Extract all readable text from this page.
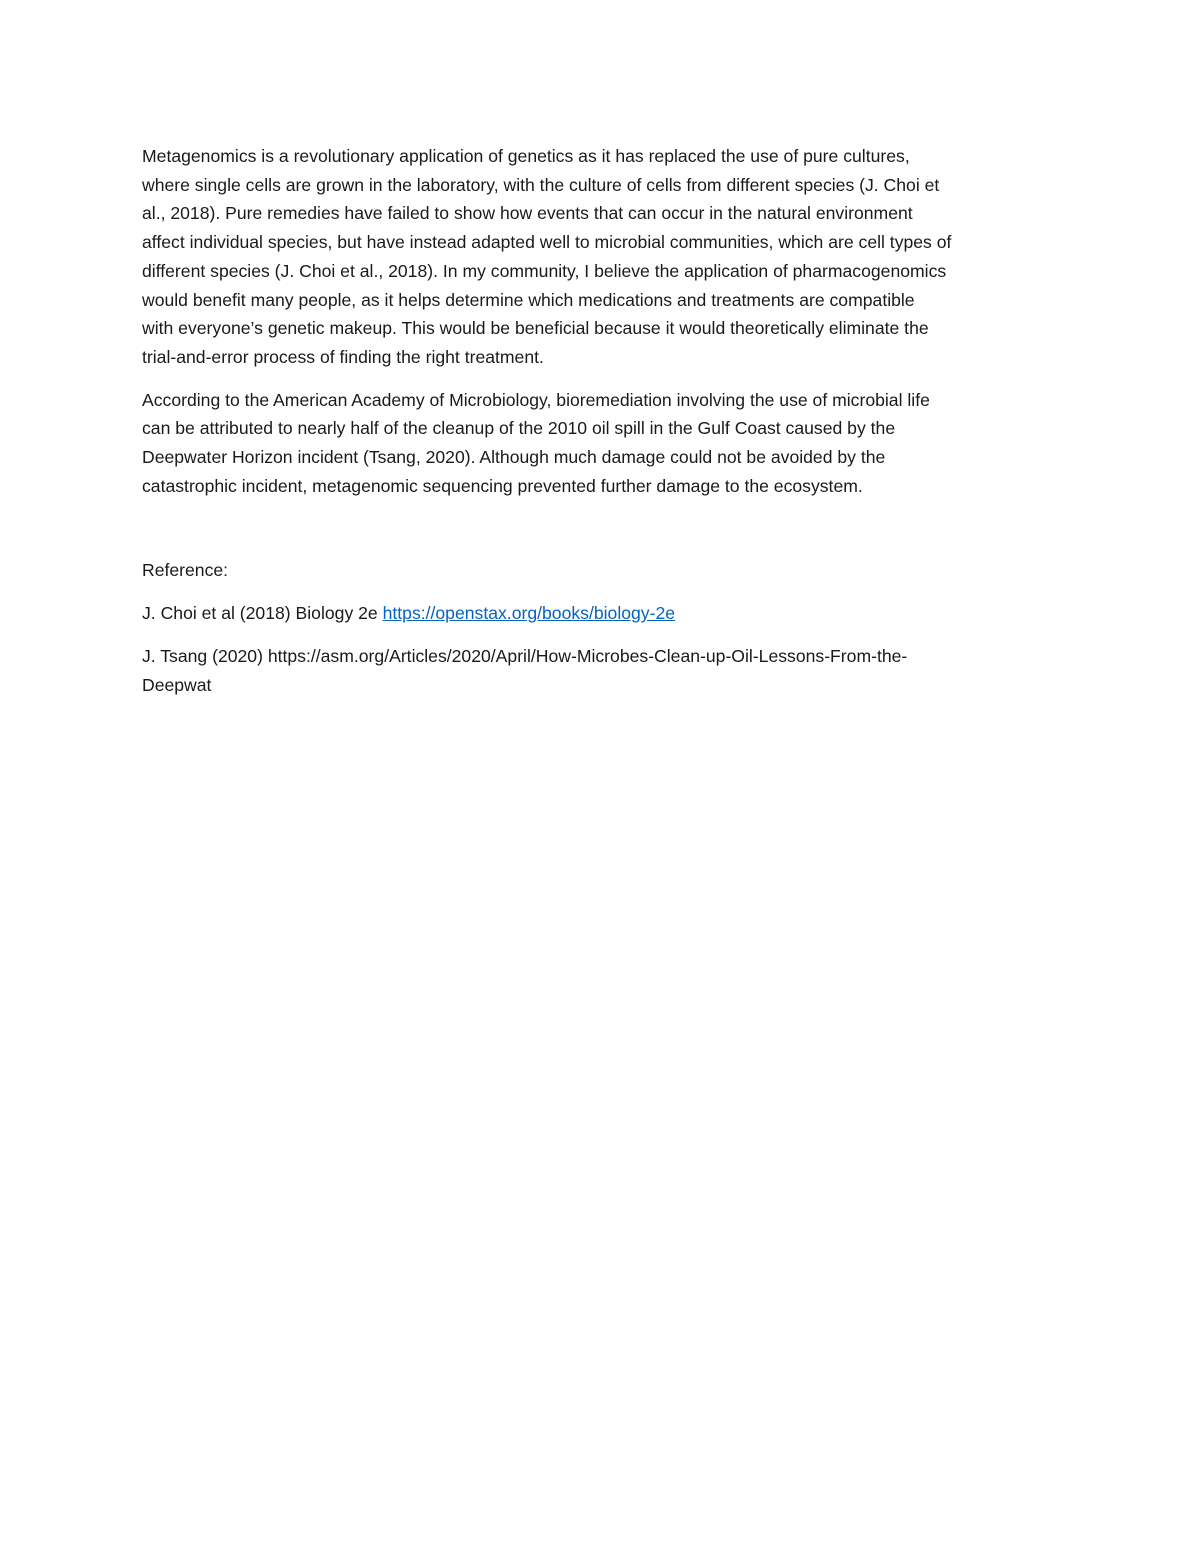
Metagenomics is a revolutionary application of genetics as it has replaced the use of pure cultures,
where single cells are grown in the laboratory, with the culture of cells from different species (J. Choi et
al., 2018). Pure remedies have failed to show how events that can occur in the natural environment
affect individual species, but have instead adapted well to microbial communities, which are cell types of
different species (J. Choi et al., 2018). In my community, I believe the application of pharmacogenomics
would benefit many people, as it helps determine which medications and treatments are compatible
with everyone’s genetic makeup. This would be beneficial because it would theoretically eliminate the
trial-and-error process of finding the right treatment.

According to the American Academy of Microbiology, bioremediation involving the use of microbial life
can be attributed to nearly half of the cleanup of the 2010 oil spill in the Gulf Coast caused by the
Deepwater Horizon incident (Tsang, 2020). Although much damage could not be avoided by the
catastrophic incident, metagenomic sequencing prevented further damage to the ecosystem.

Reference:

J. Choi et al (2018) Biology 2e https://openstax.org/books/biology-2e

J. Tsang (2020) https://asm.org/Articles/2020/April/How-Microbes-Clean-up-Oil-Lessons-From-the-
Deepwat
